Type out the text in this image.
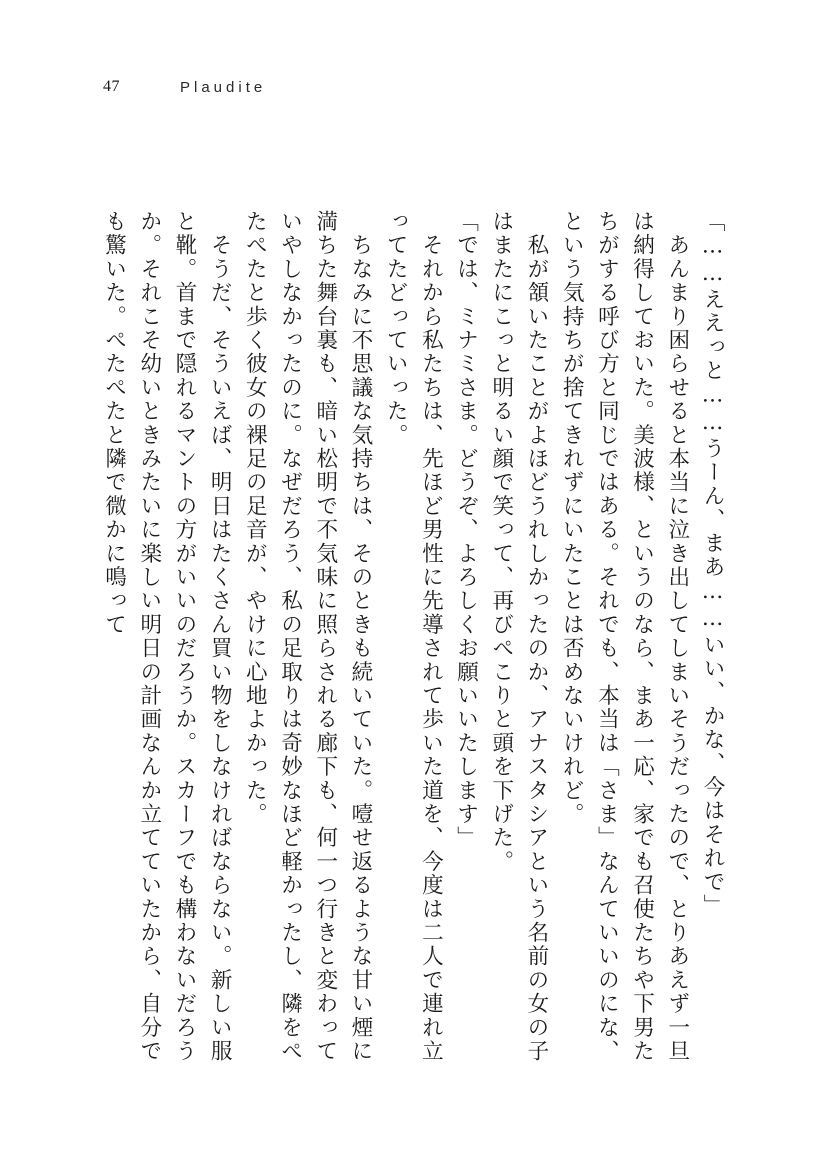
47	Plaudite

「……ええっと……うーん、まあ……いい、かな、今はそれで」

　あんまり困らせると本当に泣き出してしまいそうだったので、とりあえず一旦は納得しておいた。美波様、というのなら、まあ一応、家でも召使たちや下男たちがする呼び方と同じではある。それでも、本当は「さま」なんていいのにな、という気持ちが捨てきれずにいたことは否めないけれど。

　私が頷いたことがよほどうれしかったのか、アナスタシアという名前の女の子はまたにこっと明るい顔で笑って、再びぺこりと頭を下げた。

「では、ミナミさま。どうぞ、よろしくお願いいたします」

　それから私たちは、先ほど男性に先導されて歩いた道を、今度は二人で連れ立ってたどっていった。

　ちなみに不思議な気持ちは、そのときも続いていた。噎せ返るような甘い煙に満ちた舞台裏も、暗い松明で不気味に照らされる廊下も、何一つ行きと変わっていやしなかったのに。なぜだろう、私の足取りは奇妙なほど軽かったし、隣をぺたぺたと歩く彼女の裸足の足音が、やけに心地よかった。

　そうだ、そういえば、明日はたくさん買い物をしなければならない。新しい服と靴。首まで隠れるマントの方がいいのだろうか。スカーフでも構わないだろうか。それこそ幼いときみたいに楽しい明日の計画なんか立てていたから、自分でも驚いた。ぺたぺたと隣で微かに鳴って
